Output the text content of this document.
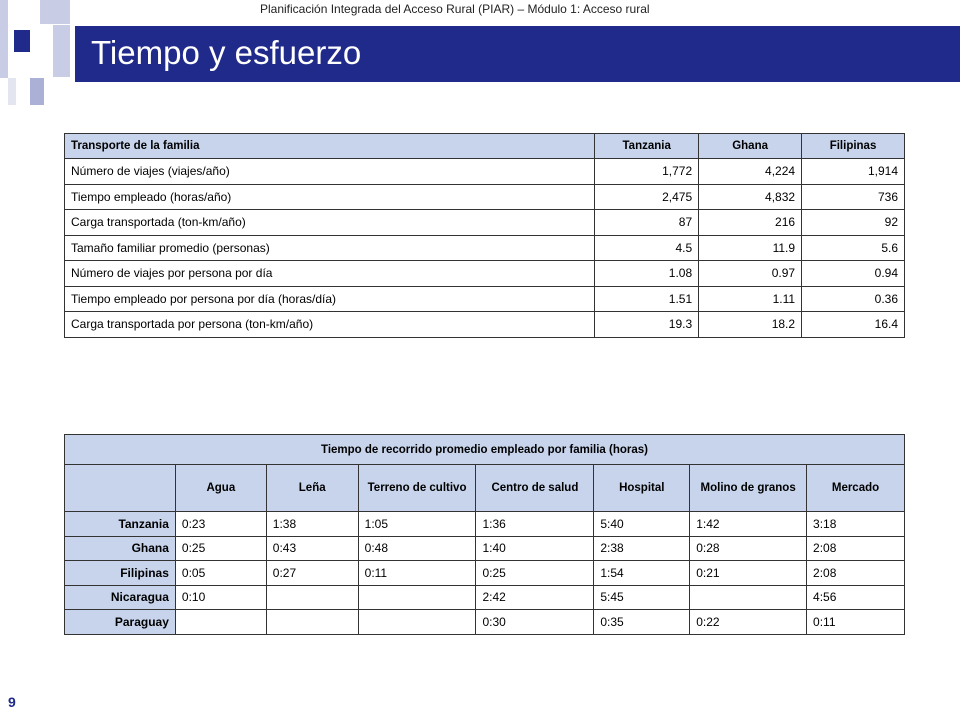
Planificación Integrada del Acceso Rural (PIAR) – Módulo 1: Acceso rural
Tiempo y esfuerzo
Transporte de la familia	Tanzania	Ghana	Filipinas
Número de viajes (viajes/año)	1,772	4,224	1,914
Tiempo empleado (horas/año)	2,475	4,832	736
Carga transportada (ton-km/año)	87	216	92
Tamaño familiar promedio (personas)	4.5	11.9	5.6
Número de viajes por persona por día	1.08	0.97	0.94
Tiempo empleado por persona por día (horas/día)	1.51	1.11	0.36
Carga transportada por persona (ton-km/año)	19.3	18.2	16.4
Tiempo de recorrido promedio empleado por familia (horas)							
	Agua	Leña	Terreno de cultivo	Centro de salud	Hospital	Molino de granos	Mercado
Tanzania	0:23	1:38	1:05	1:36	5:40	1:42	3:18
Ghana	0:25	0:43	0:48	1:40	2:38	0:28	2:08
Filipinas	0:05	0:27	0:11	0:25	1:54	0:21	2:08
Nicaragua	0:10			2:42	5:45		4:56
Paraguay				0:30	0:35	0:22	0:11
9
